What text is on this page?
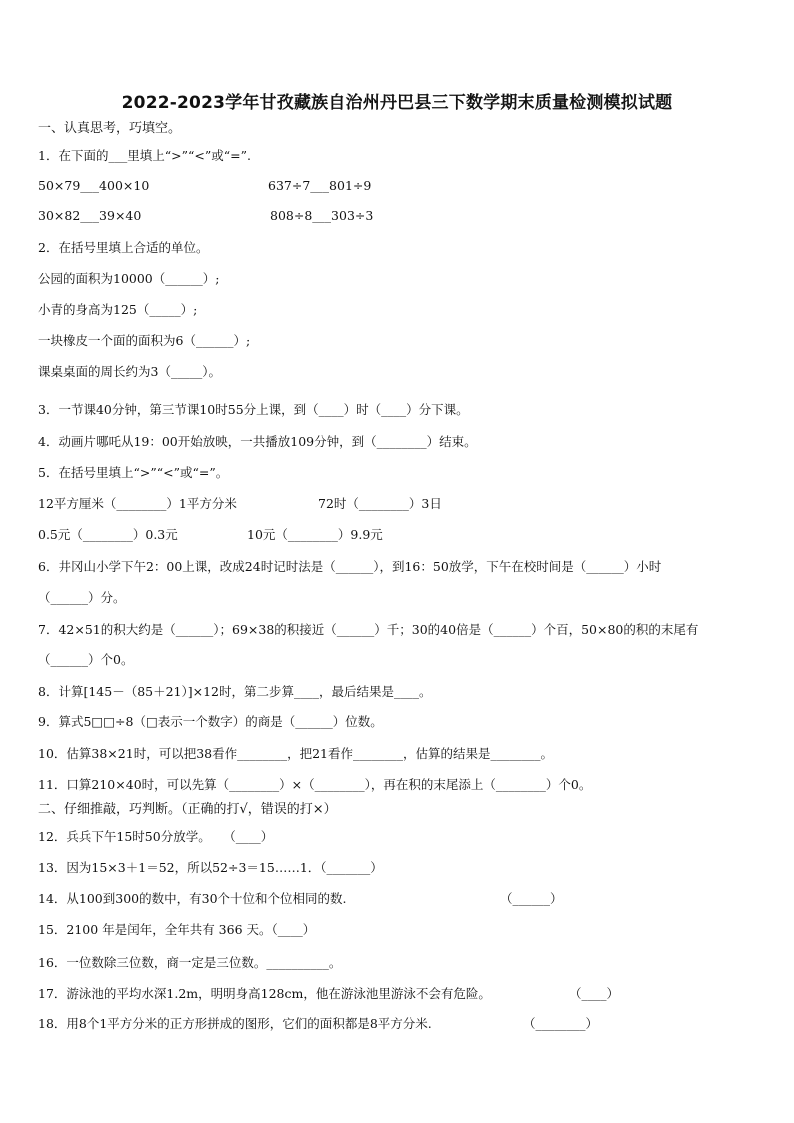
2022-2023学年甘孜藏族自治州丹巴县三下数学期末质量检测模拟试题
一、认真思考，巧填空。
1．在下面的___里填上“>”“<”或“=”.
50×79___400×10	637÷7___801÷9
30×82___39×40	808÷8___303÷3
2．在括号里填上合适的单位。
公园的面积为10000（______）;
小青的身高为125（_____）;
一块橡皮一个面的面积为6（______）;
课桌桌面的周长约为3（_____）。
3．一节课40分钟，第三节课10时55分上课，到（____）时（____）分下课。
4．动画片哪吒从19：00开始放映，一共播放109分钟，到（________）结束。
5．在括号里填上“>”“<”或“=”。
12平方厘米（________）1平方分米	72时（________）3日
0.5元（________）0.3元	10元（________）9.9元
6．井冈山小学下午2：00上课，改成24时记时法是（______），到16：50放学，下午在校时间是（______）小时
（______）分。
7．42×51的积大约是（______）；69×38的积接近（______）千；30的40倍是（______）个百，50×80的积的末尾有
（______）个0。
8．计算[145－（85＋21）]×12时，第二步算____，最后结果是____。
9．算式5□□÷8（□表示一个数字）的商是（______）位数。
10．估算38×21时，可以把38看作________，把21看作________，估算的结果是________。
11．口算210×40时，可以先算（________）×（________），再在积的末尾添上（________）个0。
二、仔细推敲，巧判断。（正确的打√，错误的打×）
12．兵兵下午15时50分放学。　　（____）
13．因为15×3＋1＝52，所以52÷3＝15……1．（_______）
14．从100到300的数中，有30个十位和个位相同的数.	（______）
15．2100 年是闰年，全年共有 366 天。（____）
16．一位数除三位数，商一定是三位数。__________。
17．游泳池的平均水深1.2m，明明身高128cm，他在游泳池里游泳不会有危险。	（____）
18．用8个1平方分米的正方形拼成的图形，它们的面积都是8平方分米.	（________）
